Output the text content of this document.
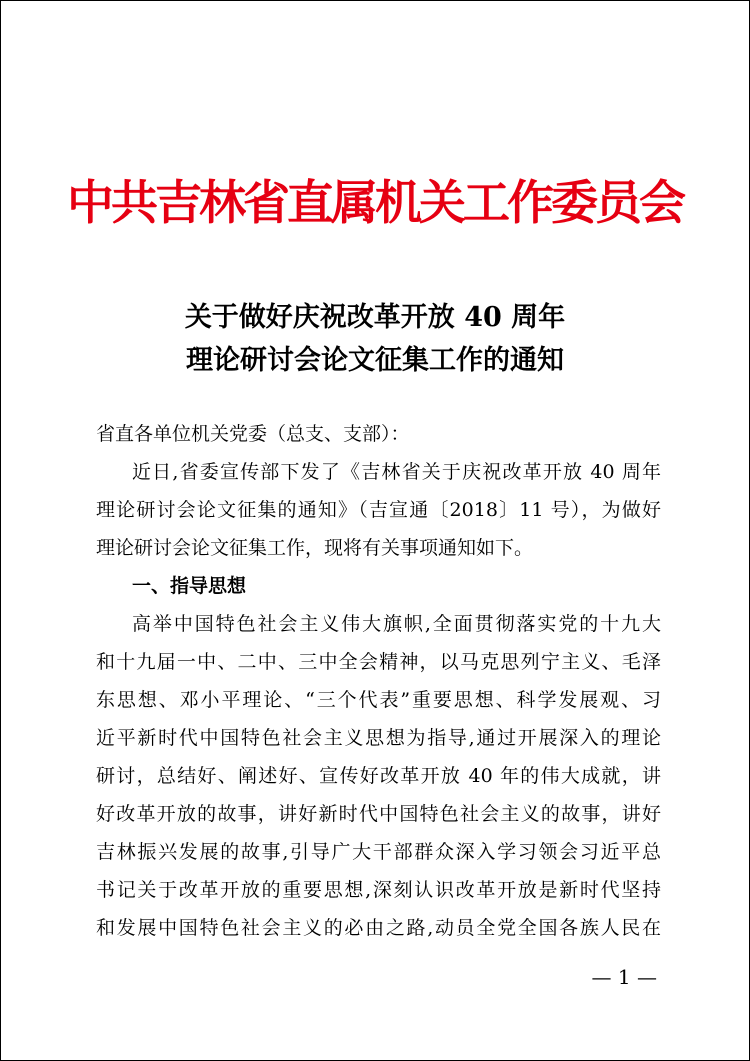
中共吉林省直属机关工作委员会
关于做好庆祝改革开放 40 周年
理论研讨会论文征集工作的通知
省直各单位机关党委（总支、支部）：
近日,省委宣传部下发了《吉林省关于庆祝改革开放 40 周年
理论研讨会论文征集的通知》（吉宣通〔2018〕11 号），为做好
理论研讨会论文征集工作，现将有关事项通知如下。
一、指导思想
高举中国特色社会主义伟大旗帜,全面贯彻落实党的十九大
和十九届一中、二中、三中全会精神，以马克思列宁主义、毛泽
东思想、邓小平理论、“三个代表”重要思想、科学发展观、习
近平新时代中国特色社会主义思想为指导,通过开展深入的理论
研讨，总结好、阐述好、宣传好改革开放 40 年的伟大成就，讲
好改革开放的故事，讲好新时代中国特色社会主义的故事，讲好
吉林振兴发展的故事,引导广大干部群众深入学习领会习近平总
书记关于改革开放的重要思想,深刻认识改革开放是新时代坚持
和发展中国特色社会主义的必由之路,动员全党全国各族人民在
— 1 —
